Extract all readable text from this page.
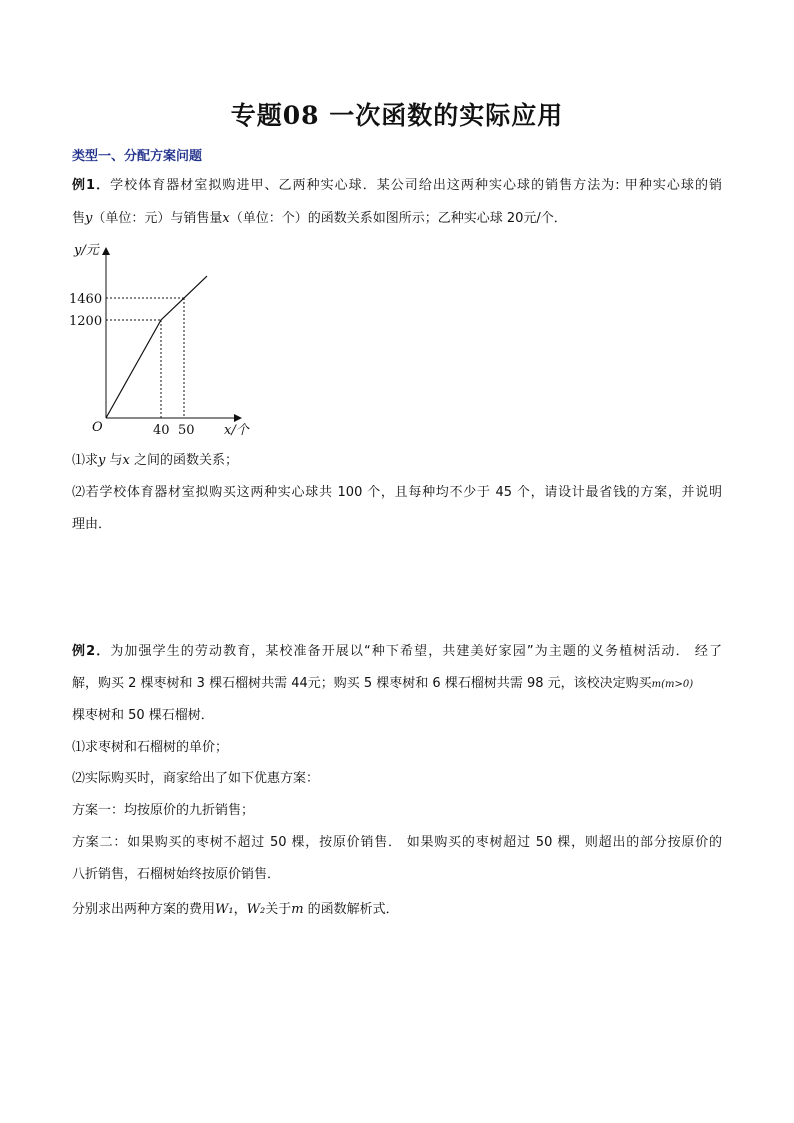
专题08 一次函数的实际应用
类型一、分配方案问题
例1．学校体育器材室拟购进甲、乙两种实心球．某公司给出这两种实心球的销售方法为: 甲种实心球的销
售y（单位：元）与销售量x（单位：个）的函数关系如图所示；乙种实心球 20元/个．
y/元
x/个
O
1460
1200
40 50
⑴求y 与x 之间的函数关系；
⑵若学校体育器材室拟购买这两种实心球共 100 个，且每种均不少于 45 个，请设计最省钱的方案，并说明
理由．
例2．为加强学生的劳动教育，某校准备开展以“种下希望，共建美好家园”为主题的义务植树活动． 经了
解，购买 2 棵枣树和 3 棵石榴树共需 44元；购买 5 棵枣树和 6 棵石榴树共需 98 元，该校决定购买m(m>0)
棵枣树和 50 棵石榴树．
⑴求枣树和石榴树的单价；
⑵实际购买时，商家给出了如下优惠方案：
方案一：均按原价的九折销售；
方案二：如果购买的枣树不超过 50 棵，按原价销售． 如果购买的枣树超过 50 棵，则超出的部分按原价的
八折销售，石榴树始终按原价销售．
分别求出两种方案的费用W₁，W₂关于m 的函数解析式．
